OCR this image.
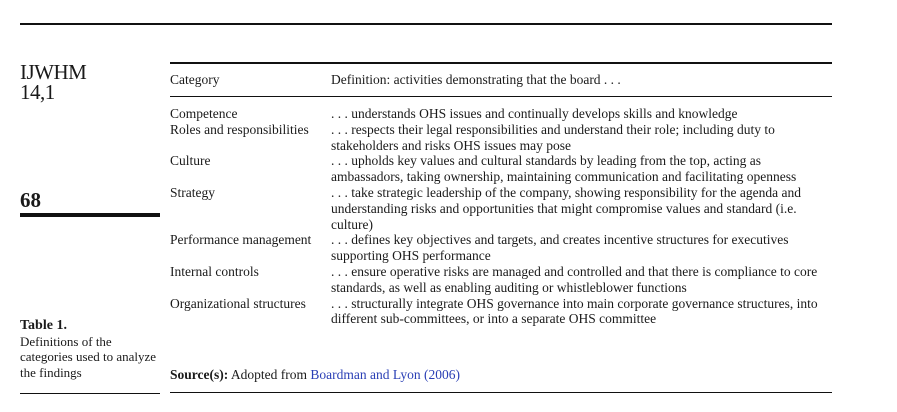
IJWHM
14,1
68
Table 1.
Definitions of the categories used to analyze the findings
Category	Definition: activities demonstrating that the board . . .
Competence	. . . understands OHS issues and continually develops skills and knowledge
Roles and responsibilities	. . . respects their legal responsibilities and understand their role; including duty to stakeholders and risks OHS issues may pose
Culture	. . . upholds key values and cultural standards by leading from the top, acting as ambassadors, taking ownership, maintaining communication and facilitating openness
Strategy	. . . take strategic leadership of the company, showing responsibility for the agenda and understanding risks and opportunities that might compromise values and standard (i.e. culture)
Performance management	. . . defines key objectives and targets, and creates incentive structures for executives supporting OHS performance
Internal controls	. . . ensure operative risks are managed and controlled and that there is compliance to core standards, as well as enabling auditing or whistleblower functions
Organizational structures	. . . structurally integrate OHS governance into main corporate governance structures, into different sub-committees, or into a separate OHS committee
Source(s): Adopted from Boardman and Lyon (2006)
